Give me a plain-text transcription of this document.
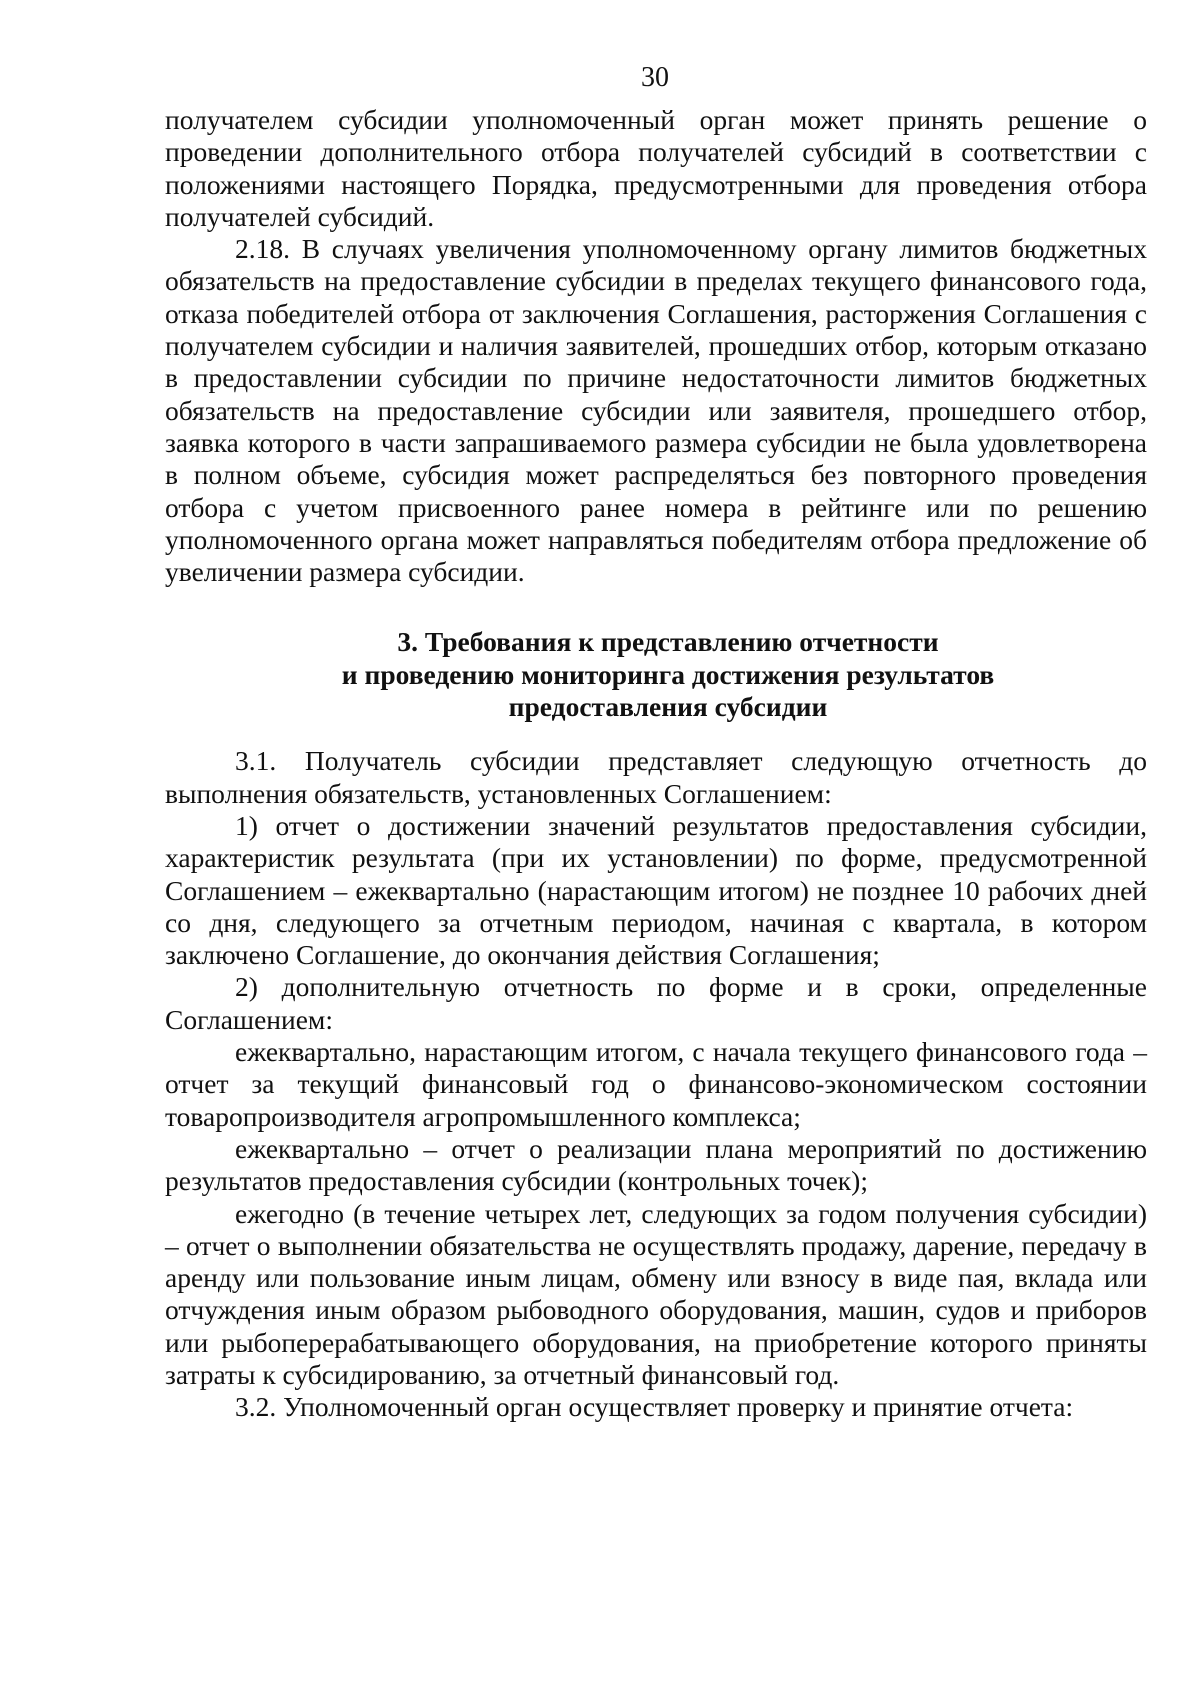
30

получателем субсидии уполномоченный орган может принять решение о проведении дополнительного отбора получателей субсидий в соответствии с положениями настоящего Порядка, предусмотренными для проведения отбора получателей субсидий.

2.18. В случаях увеличения уполномоченному органу лимитов бюджетных обязательств на предоставление субсидии в пределах текущего финансового года, отказа победителей отбора от заключения Соглашения, расторжения Соглашения с получателем субсидии и наличия заявителей, прошедших отбор, которым отказано в предоставлении субсидии по причине недостаточности лимитов бюджетных обязательств на предоставление субсидии или заявителя, прошедшего отбор, заявка которого в части запрашиваемого размера субсидии не была удовлетворена в полном объеме, субсидия может распределяться без повторного проведения отбора с учетом присвоенного ранее номера в рейтинге или по решению уполномоченного органа может направляться победителям отбора предложение об увеличении размера субсидии.

3. Требования к представлению отчетности
и проведению мониторинга достижения результатов
предоставления субсидии

3.1. Получатель субсидии представляет следующую отчетность до выполнения обязательств, установленных Соглашением:

1) отчет о достижении значений результатов предоставления субсидии, характеристик результата (при их установлении) по форме, предусмотренной Соглашением – ежеквартально (нарастающим итогом) не позднее 10 рабочих дней со дня, следующего за отчетным периодом, начиная с квартала, в котором заключено Соглашение, до окончания действия Соглашения;

2) дополнительную отчетность по форме и в сроки, определенные Соглашением:

ежеквартально, нарастающим итогом, с начала текущего финансового года – отчет за текущий финансовый год о финансово-экономическом состоянии товаропроизводителя агропромышленного комплекса;

ежеквартально – отчет о реализации плана мероприятий по достижению результатов предоставления субсидии (контрольных точек);

ежегодно (в течение четырех лет, следующих за годом получения субсидии) – отчет о выполнении обязательства не осуществлять продажу, дарение, передачу в аренду или пользование иным лицам, обмену или взносу в виде пая, вклада или отчуждения иным образом рыбоводного оборудования, машин, судов и приборов или рыбоперерабатывающего оборудования, на приобретение которого приняты затраты к субсидированию, за отчетный финансовый год.

3.2. Уполномоченный орган осуществляет проверку и принятие отчета:
